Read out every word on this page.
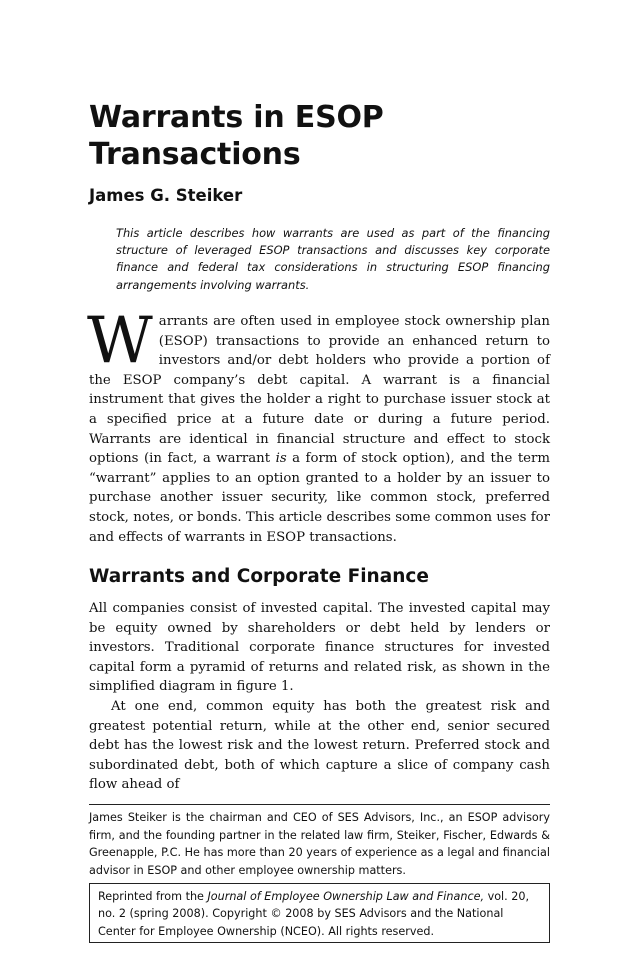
Warrants in ESOP Transactions

James G. Steiker

This article describes how warrants are used as part of the financing structure of leveraged ESOP transactions and discusses key corporate finance and federal tax considerations in structuring ESOP financing arrangements involving warrants.

Warrants are often used in employee stock ownership plan (ESOP) transactions to provide an enhanced return to investors and/or debt holders who provide a portion of the ESOP company’s debt capital. A warrant is a financial instrument that gives the holder a right to purchase issuer stock at a specified price at a future date or during a future period. Warrants are identical in financial structure and effect to stock options (in fact, a warrant is a form of stock option), and the term “warrant” applies to an option granted to a holder by an issuer to purchase another issuer security, like common stock, preferred stock, notes, or bonds. This article describes some common uses for and effects of warrants in ESOP transactions.
Warrants and Corporate Finance

All companies consist of invested capital. The invested capital may be equity owned by shareholders or debt held by lenders or investors. Traditional corporate finance structures for invested capital form a pyramid of returns and related risk, as shown in the simplified diagram in figure 1.

At one end, common equity has both the greatest risk and greatest potential return, while at the other end, senior secured debt has the lowest risk and the lowest return. Preferred stock and subordinated debt, both of which capture a slice of company cash flow ahead of

James Steiker is the chairman and CEO of SES Advisors, Inc., an ESOP advisory firm, and the founding partner in the related law firm, Steiker, Fischer, Edwards & Greenapple, P.C. He has more than 20 years of experience as a legal and financial advisor in ESOP and other employee ownership matters.

Reprinted from the Journal of Employee Ownership Law and Finance, vol. 20, no. 2 (spring 2008). Copyright © 2008 by SES Advisors and the National Center for Employee Ownership (NCEO). All rights reserved.
